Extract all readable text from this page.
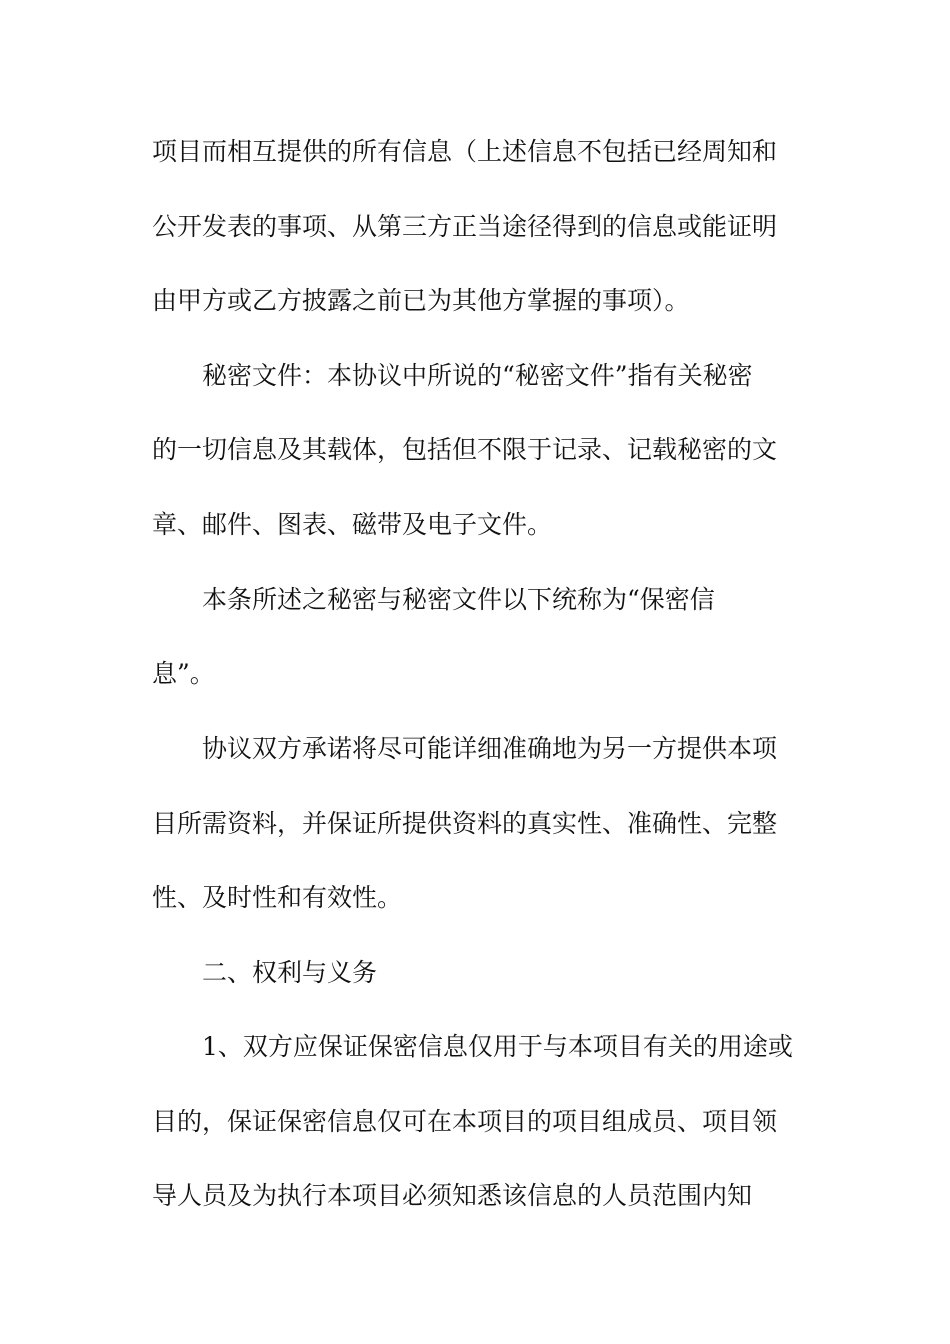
项目而相互提供的所有信息（上述信息不包括已经周知和
公开发表的事项、从第三方正当途径得到的信息或能证明
由甲方或乙方披露之前已为其他方掌握的事项）。
秘密文件：本协议中所说的“秘密文件”指有关秘密
的一切信息及其载体，包括但不限于记录、记载秘密的文
章、邮件、图表、磁带及电子文件。
本条所述之秘密与秘密文件以下统称为“保密信
息”。
协议双方承诺将尽可能详细准确地为另一方提供本项
目所需资料，并保证所提供资料的真实性、准确性、完整
性、及时性和有效性。
二、权利与义务
1、双方应保证保密信息仅用于与本项目有关的用途或
目的，保证保密信息仅可在本项目的项目组成员、项目领
导人员及为执行本项目必须知悉该信息的人员范围内知
